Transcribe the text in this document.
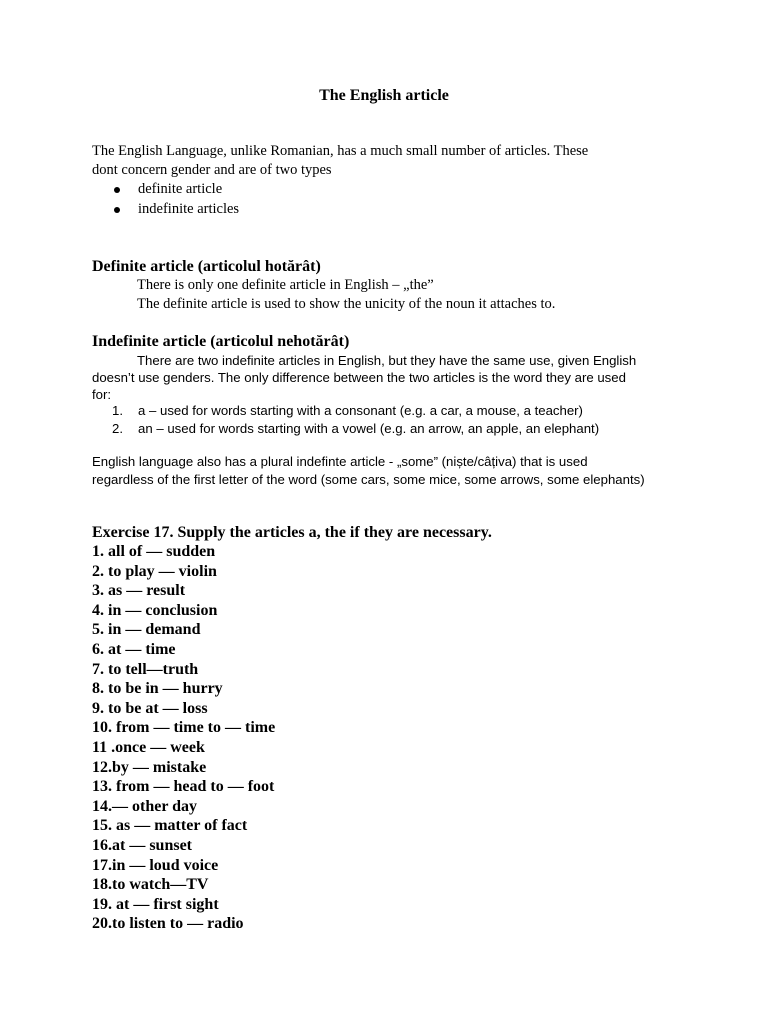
The English article
The English Language, unlike Romanian, has a much small number of articles. These
dont concern gender and are of two types
definite article
indefinite articles
Definite article (articolul hotărât)
There is only one definite article in English – „the”
The definite article is used to show the unicity of the noun it attaches to.
Indefinite article (articolul nehotărât)
There are two indefinite articles in English, but they have the same use, given English
doesn’t use genders. The only difference between the two articles is the word they are used
for:
1. a – used for words starting with a consonant (e.g. a car, a mouse, a teacher)
2. an – used for words starting with a vowel (e.g. an arrow, an apple, an elephant)
English language also has a plural indefinte article - „some” (niște/câțiva) that is used
regardless of the first letter of the word (some cars, some mice, some arrows, some elephants)
Exercise 17. Supply the articles a, the if they are necessary.
1. all of — sudden
2. to play — violin
3. as — result
4. in — conclusion
5. in — demand
6. at — time
7. to tell—truth
8. to be in — hurry
9. to be at — loss
10. from — time to — time
11 .once — week
12.by — mistake
13. from — head to — foot
14.— other day
15. as — matter of fact
16.at — sunset
17.in — loud voice
18.to watch—TV
19. at — first sight
20.to listen to — radio
